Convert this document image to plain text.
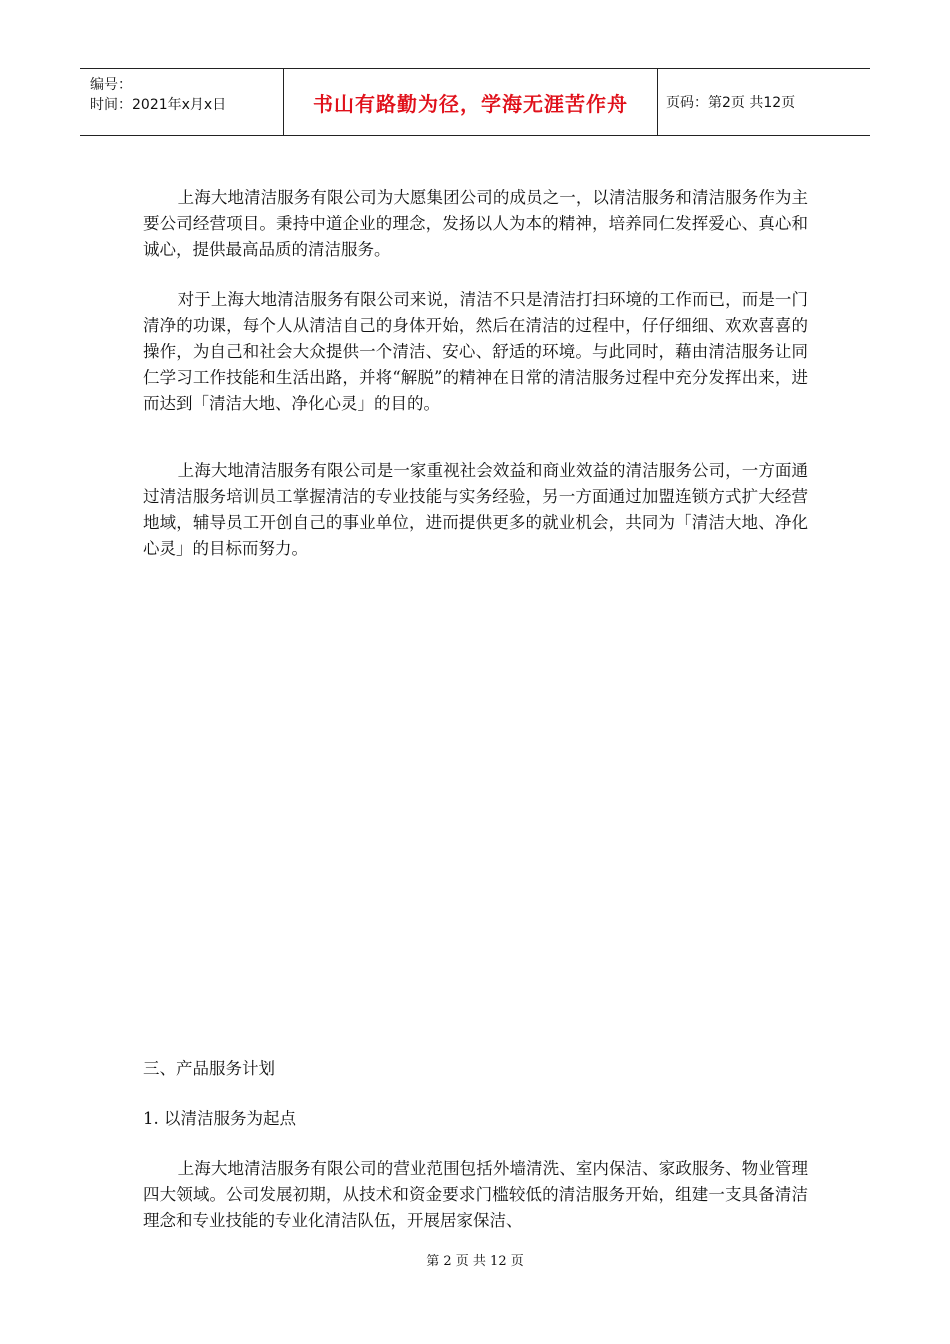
编号：
时间：2021年x月x日	书山有路勤为径，学海无涯苦作舟	页码：第2页 共12页

上海大地清洁服务有限公司为大愿集团公司的成员之一，以清洁服务和清洁服务作为主要公司经营项目。秉持中道企业的理念，发扬以人为本的精神，培养同仁发挥爱心、真心和诚心，提供最高品质的清洁服务。

对于上海大地清洁服务有限公司来说，清洁不只是清洁打扫环境的工作而已，而是一门清净的功课，每个人从清洁自己的身体开始，然后在清洁的过程中，仔仔细细、欢欢喜喜的操作，为自己和社会大众提供一个清洁、安心、舒适的环境。与此同时，藉由清洁服务让同仁学习工作技能和生活出路，并将“解脱”的精神在日常的清洁服务过程中充分发挥出来，进而达到「清洁大地、净化心灵」的目的。

上海大地清洁服务有限公司是一家重视社会效益和商业效益的清洁服务公司，一方面通过清洁服务培训员工掌握清洁的专业技能与实务经验，另一方面通过加盟连锁方式扩大经营地域，辅导员工开创自己的事业单位，进而提供更多的就业机会，共同为「清洁大地、净化心灵」的目标而努力。

三、产品服务计划

1. 以清洁服务为起点

上海大地清洁服务有限公司的营业范围包括外墙清洗、室内保洁、家政服务、物业管理四大领域。公司发展初期，从技术和资金要求门槛较低的清洁服务开始，组建一支具备清洁理念和专业技能的专业化清洁队伍，开展居家保洁、

第 2 页 共 12 页
